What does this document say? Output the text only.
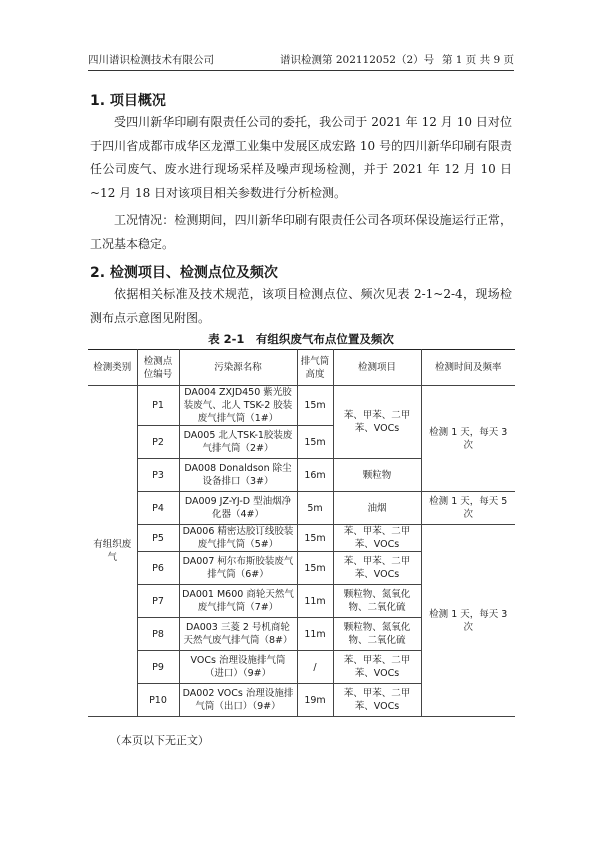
四川谱识检测技术有限公司	谱识检测第 202112052（2）号 第 1 页 共 9 页
1. 项目概况

受四川新华印刷有限责任公司的委托，我公司于 2021 年 12 月 10 日对位于四川省成都市成华区龙潭工业集中发展区成宏路 10 号的四川新华印刷有限责任公司废气、废水进行现场采样及噪声现场检测，并于 2021 年 12 月 10 日~12 月 18 日对该项目相关参数进行分析检测。

工况情况：检测期间，四川新华印刷有限责任公司各项环保设施运行正常，工况基本稳定。

2. 检测项目、检测点位及频次

依据相关标准及技术规范，该项目检测点位、频次见表 2-1~2-4，现场检测布点示意图见附图。

表 2-1　有组织废气布点位置及频次
检测类别	检测点位编号	污染源名称	排气筒高度	检测项目	检测时间及频率
有组织废气	P1	DA004 ZXJD450 紫光胶装废气、北人 TSK-2 胶装废气排气筒（1#）	15m	苯、甲苯、二甲苯、VOCs	检测 1 天，每天 3 次
	P2	DA005 北人TSK-1胶装废气排气筒（2#）	15m		
	P3	DA008 Donaldson 除尘设备排口（3#）	16m	颗粒物	
	P4	DA009 JZ-YJ-D 型油烟净化器（4#）	5m	油烟	检测 1 天，每天 5 次
	P5	DA006 精密达胶订线胶装废气排气筒（5#）	15m	苯、甲苯、二甲苯、VOCs	检测 1 天，每天 3 次
	P6	DA007 柯尔布斯胶装废气排气筒（6#）	15m	苯、甲苯、二甲苯、VOCs	
	P7	DA001 M600 商轮天然气废气排气筒（7#）	11m	颗粒物、氮氧化物、二氧化硫	
	P8	DA003 三菱 2 号机商轮天然气废气排气筒（8#）	11m	颗粒物、氮氧化物、二氧化硫	
	P9	VOCs 治理设施排气筒（进口）（9#）	/	苯、甲苯、二甲苯、VOCs	
	P10	DA002 VOCs 治理设施排气筒（出口）（9#）	19m	苯、甲苯、二甲苯、VOCs	
（本页以下无正文）
